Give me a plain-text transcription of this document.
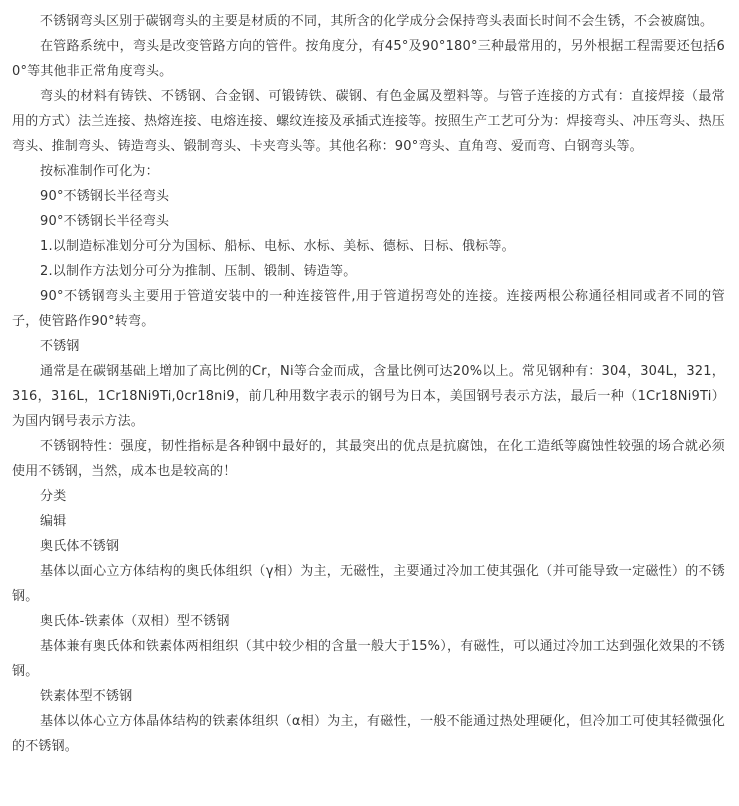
不锈钢弯头区别于碳钢弯头的主要是材质的不同，其所含的化学成分会保持弯头表面长时间不会生锈，不会被腐蚀。

在管路系统中，弯头是改变管路方向的管件。按角度分，有45°及90°180°三种最常用的，另外根据工程需要还包括60°等其他非正常角度弯头。

弯头的材料有铸铁、不锈钢、合金钢、可锻铸铁、碳钢、有色金属及塑料等。与管子连接的方式有：直接焊接（最常用的方式）法兰连接、热熔连接、电熔连接、螺纹连接及承插式连接等。按照生产工艺可分为：焊接弯头、冲压弯头、热压弯头、推制弯头、铸造弯头、锻制弯头、卡夹弯头等。其他名称：90°弯头、直角弯、爱而弯、白钢弯头等。

按标准制作可化为：

90°不锈钢长半径弯头

90°不锈钢长半径弯头

1.以制造标准划分可分为国标、船标、电标、水标、美标、德标、日标、俄标等。

2.以制作方法划分可分为推制、压制、锻制、铸造等。

90°不锈钢弯头主要用于管道安装中的一种连接管件,用于管道拐弯处的连接。连接两根公称通径相同或者不同的管子，使管路作90°转弯。

不锈钢

通常是在碳钢基础上增加了高比例的Cr，Ni等合金而成，含量比例可达20%以上。常见钢种有：304，304L，321，316，316L，1Cr18Ni9Ti,0cr18ni9，前几种用数字表示的钢号为日本，美国钢号表示方法，最后一种（1Cr18Ni9Ti）为国内钢号表示方法。

不锈钢特性：强度，韧性指标是各种钢中最好的，其最突出的优点是抗腐蚀，在化工造纸等腐蚀性较强的场合就必须使用不锈钢，当然，成本也是较高的！

分类

编辑

奥氏体不锈钢

基体以面心立方体结构的奥氏体组织（γ相）为主，无磁性，主要通过冷加工使其强化（并可能导致一定磁性）的不锈钢。

奥氏体-铁素体（双相）型不锈钢

基体兼有奥氏体和铁素体两相组织（其中较少相的含量一般大于15%），有磁性，可以通过冷加工达到强化效果的不锈钢。

铁素体型不锈钢

基体以体心立方体晶体结构的铁素体组织（α相）为主，有磁性，一般不能通过热处理硬化，但冷加工可使其轻微强化的不锈钢。
